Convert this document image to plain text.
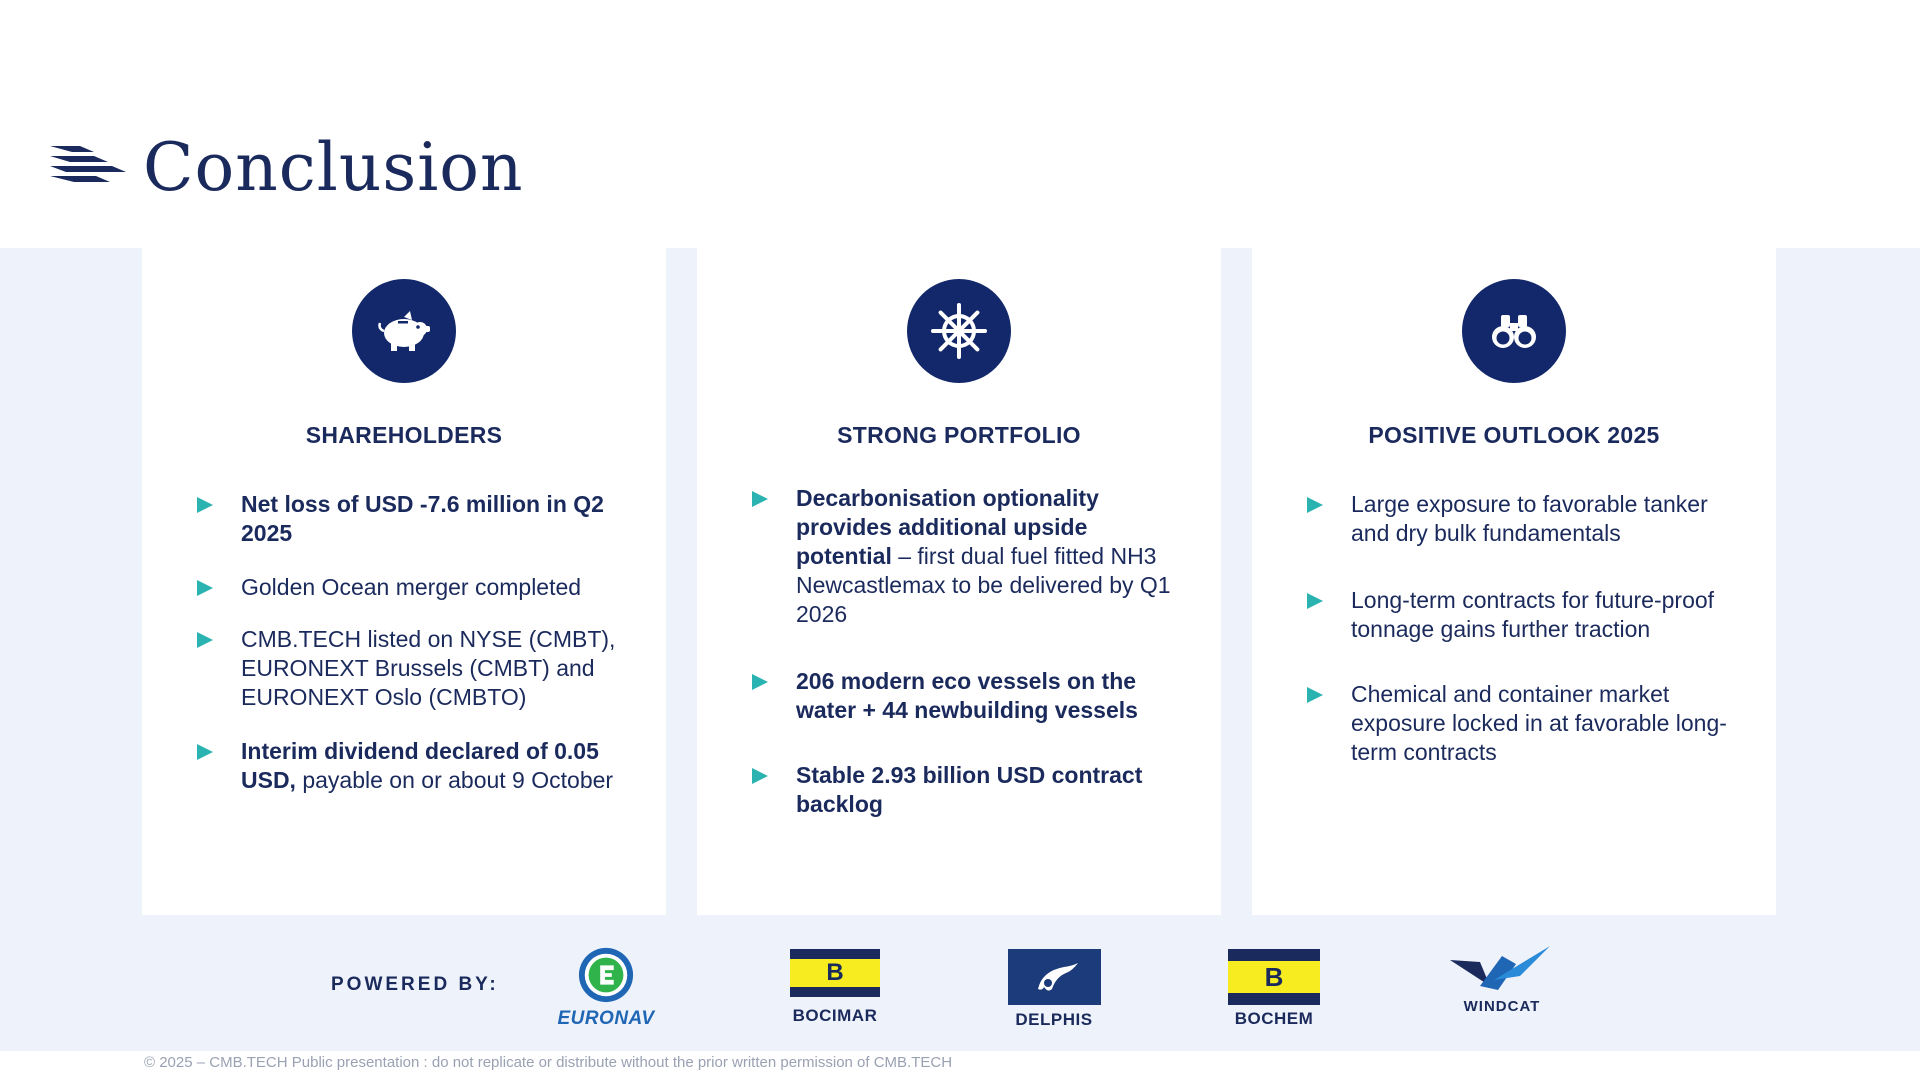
Conclusion
SHAREHOLDERS
Net loss of USD -7.6 million in Q2 2025
Golden Ocean merger completed
CMB.TECH listed on NYSE (CMBT), EURONEXT Brussels (CMBT) and EURONEXT Oslo (CMBTO)
Interim dividend declared of 0.05 USD, payable on or about 9 October
STRONG PORTFOLIO
Decarbonisation optionality provides additional upside potential – first dual fuel fitted NH3 Newcastlemax to be delivered by Q1 2026
206 modern eco vessels on the water + 44 newbuilding vessels
Stable 2.93 billion USD contract backlog
POSITIVE OUTLOOK 2025
Large exposure to favorable tanker and dry bulk fundamentals
Long-term contracts for future-proof tonnage gains further traction
Chemical and container market exposure locked in at favorable long-term contracts
POWERED BY:
EURONAV
B
BOCIMAR	DELPHIS
B
BOCHEM
WINDCAT
© 2025 – CMB.TECH Public presentation : do not replicate or distribute without the prior written permission of CMB.TECH
